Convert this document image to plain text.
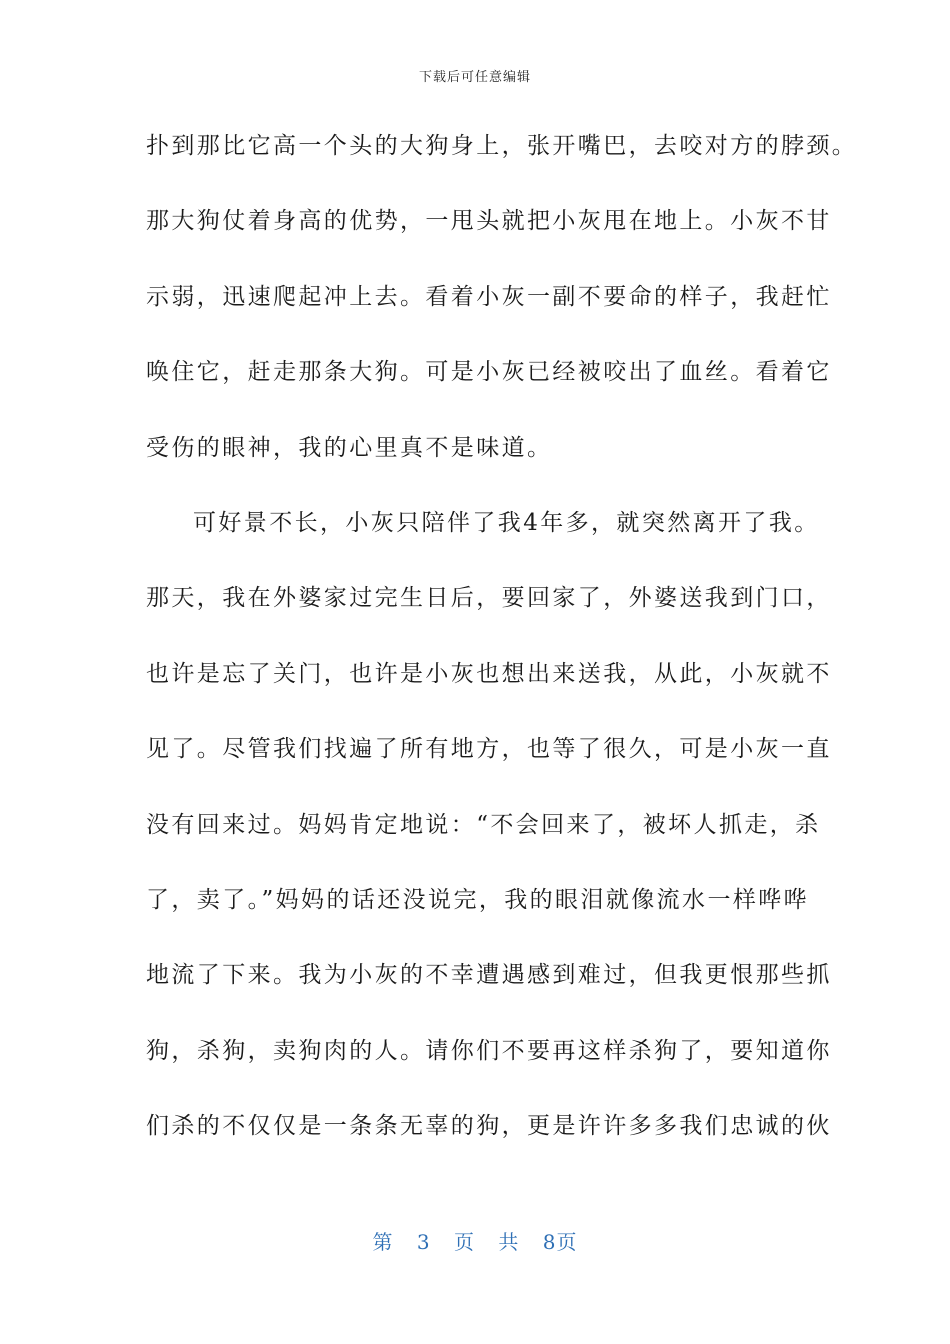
下载后可任意编辑
扑到那比它高一个头的大狗身上，张开嘴巴，去咬对方的脖颈。
那大狗仗着身高的优势，一甩头就把小灰甩在地上。小灰不甘
示弱，迅速爬起冲上去。看着小灰一副不要命的样子，我赶忙
唤住它，赶走那条大狗。可是小灰已经被咬出了血丝。看着它
受伤的眼神，我的心里真不是味道。
可好景不长，小灰只陪伴了我4年多，就突然离开了我。
那天，我在外婆家过完生日后，要回家了，外婆送我到门口，
也许是忘了关门，也许是小灰也想出来送我，从此，小灰就不
见了。尽管我们找遍了所有地方，也等了很久，可是小灰一直
没有回来过。妈妈肯定地说：“不会回来了，被坏人抓走，杀
了，卖了。”妈妈的话还没说完，我的眼泪就像流水一样哗哗
地流了下来。我为小灰的不幸遭遇感到难过，但我更恨那些抓
狗，杀狗，卖狗肉的人。请你们不要再这样杀狗了，要知道你
们杀的不仅仅是一条条无辜的狗，更是许许多多我们忠诚的伙
第 3 页 共 8页
